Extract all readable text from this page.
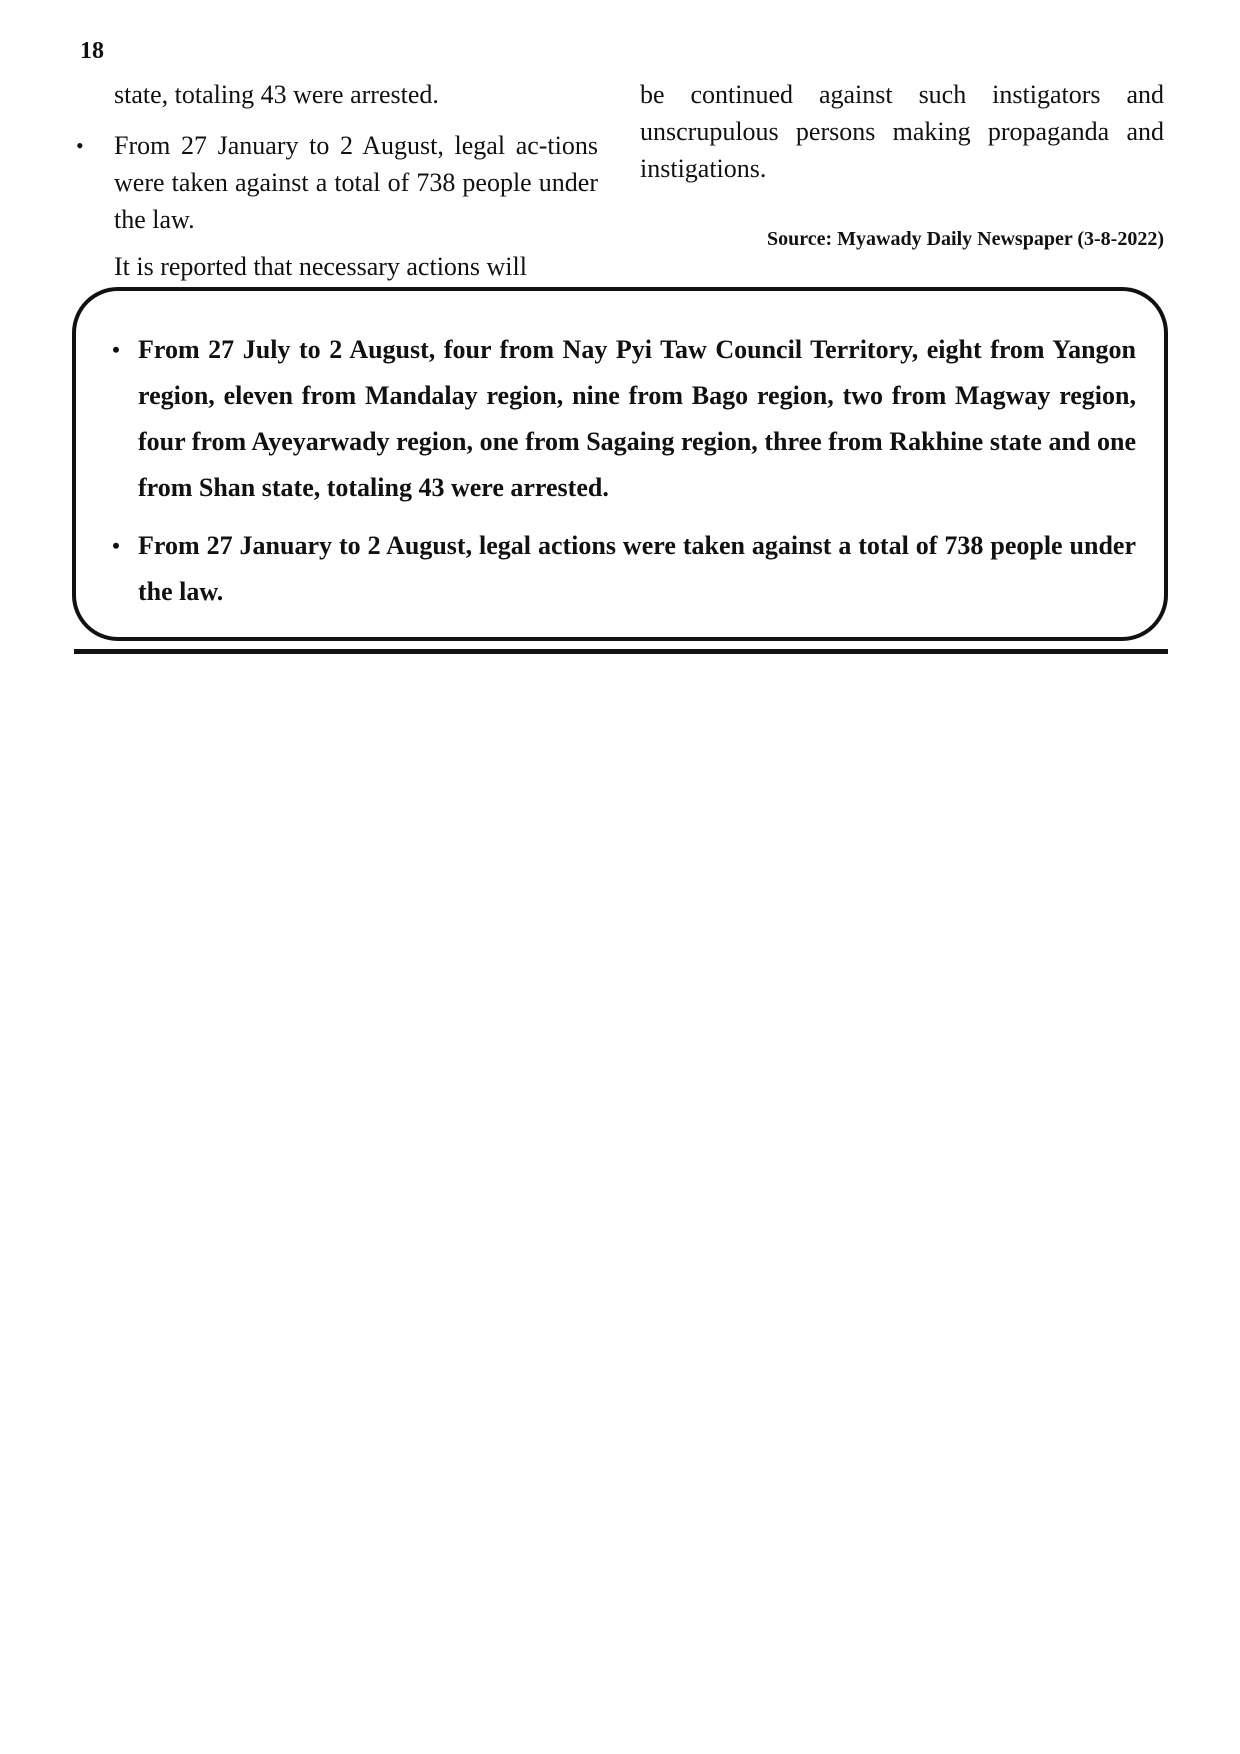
18

state, totaling 43 were arrested.

•	From 27 January to 2 August, legal ac-tions were taken against a total of 738 people under the law.

It is reported that necessary actions will

be continued against such instigators and unscrupulous persons making propaganda and instigations.

Source: Myawady Daily Newspaper (3-8-2022)
• From 27 July to 2 August, four from Nay Pyi Taw Council Territory, eight from Yangon region, eleven from Mandalay region, nine from Bago region, two from Magway region, four from Ayeyarwady region, one from Sagaing region, three from Rakhine state and one from Shan state, totaling 43 were arrested.
• From 27 January to 2 August, legal actions were taken against a total of 738 people under the law.
